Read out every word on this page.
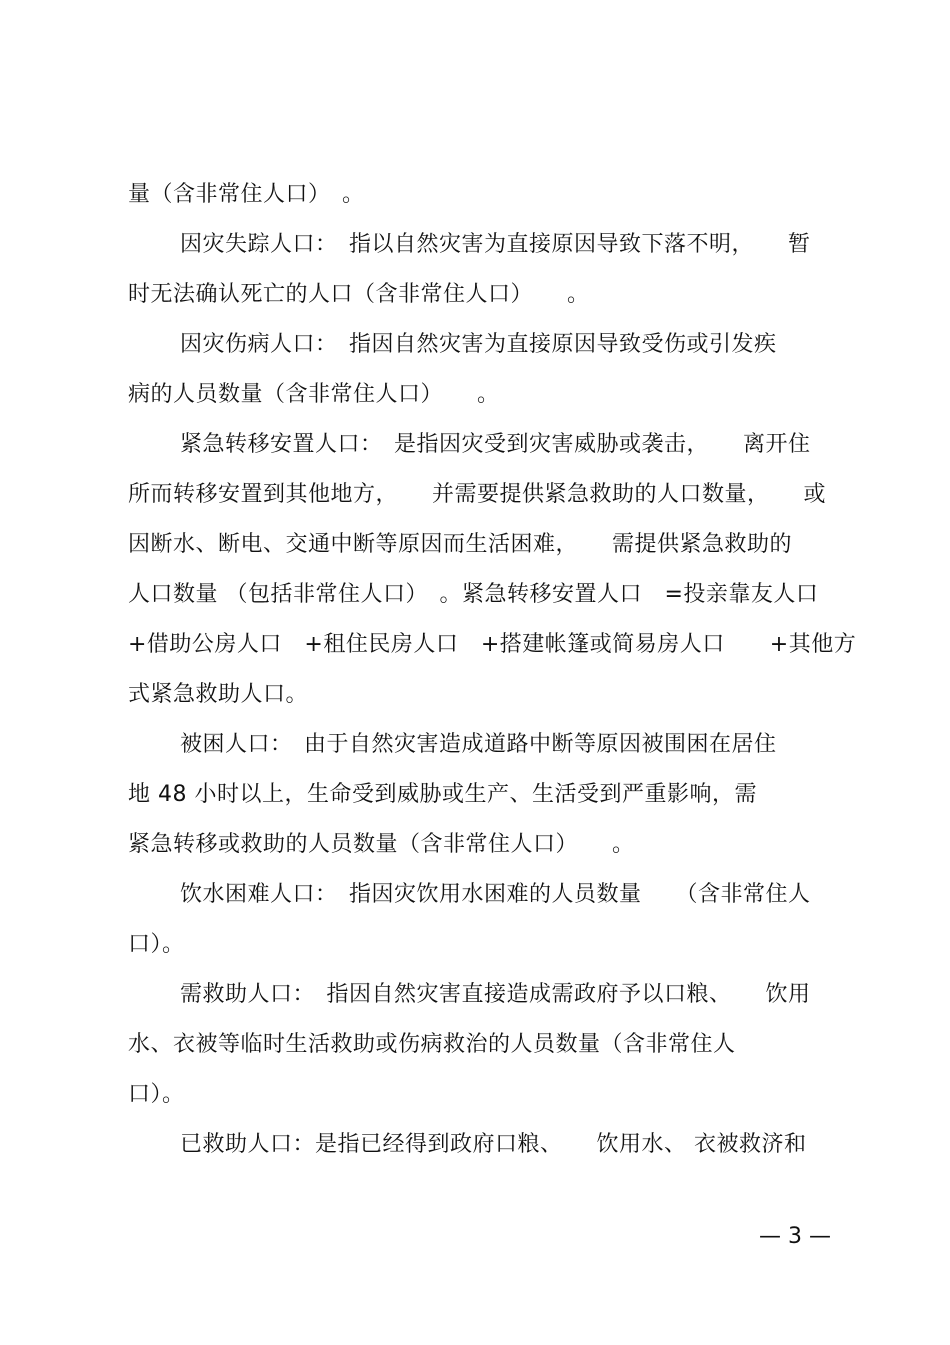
量（含非常住人口）　。
因灾失踪人口：　指以自然灾害为直接原因导致下落不明，　　暂
时无法确认死亡的人口（含非常住人口）　　。
因灾伤病人口：　指因自然灾害为直接原因导致受伤或引发疾
病的人员数量（含非常住人口）　　。
紧急转移安置人口：　是指因灾受到灾害威胁或袭击，　　离开住
所而转移安置到其他地方，　　并需要提供紧急救助的人口数量，　　或
因断水、断电、交通中断等原因而生活困难，　　需提供紧急救助的
人口数量 （包括非常住人口）　。紧急转移安置人口　=投亲靠友人口
+借助公房人口　+租住民房人口　+搭建帐篷或简易房人口　　+其他方
式紧急救助人口。
被困人口：　由于自然灾害造成道路中断等原因被围困在居住
地 48 小时以上，生命受到威胁或生产、生活受到严重影响，需
紧急转移或救助的人员数量（含非常住人口）　　。
饮水困难人口：　指因灾饮用水困难的人员数量　　（含非常住人
口）。
需救助人口：　指因自然灾害直接造成需政府予以口粮、　　饮用
水、衣被等临时生活救助或伤病救治的人员数量（含非常住人
口）。
已救助人口：是指已经得到政府口粮、　　饮用水、 衣被救济和
— 3 —
